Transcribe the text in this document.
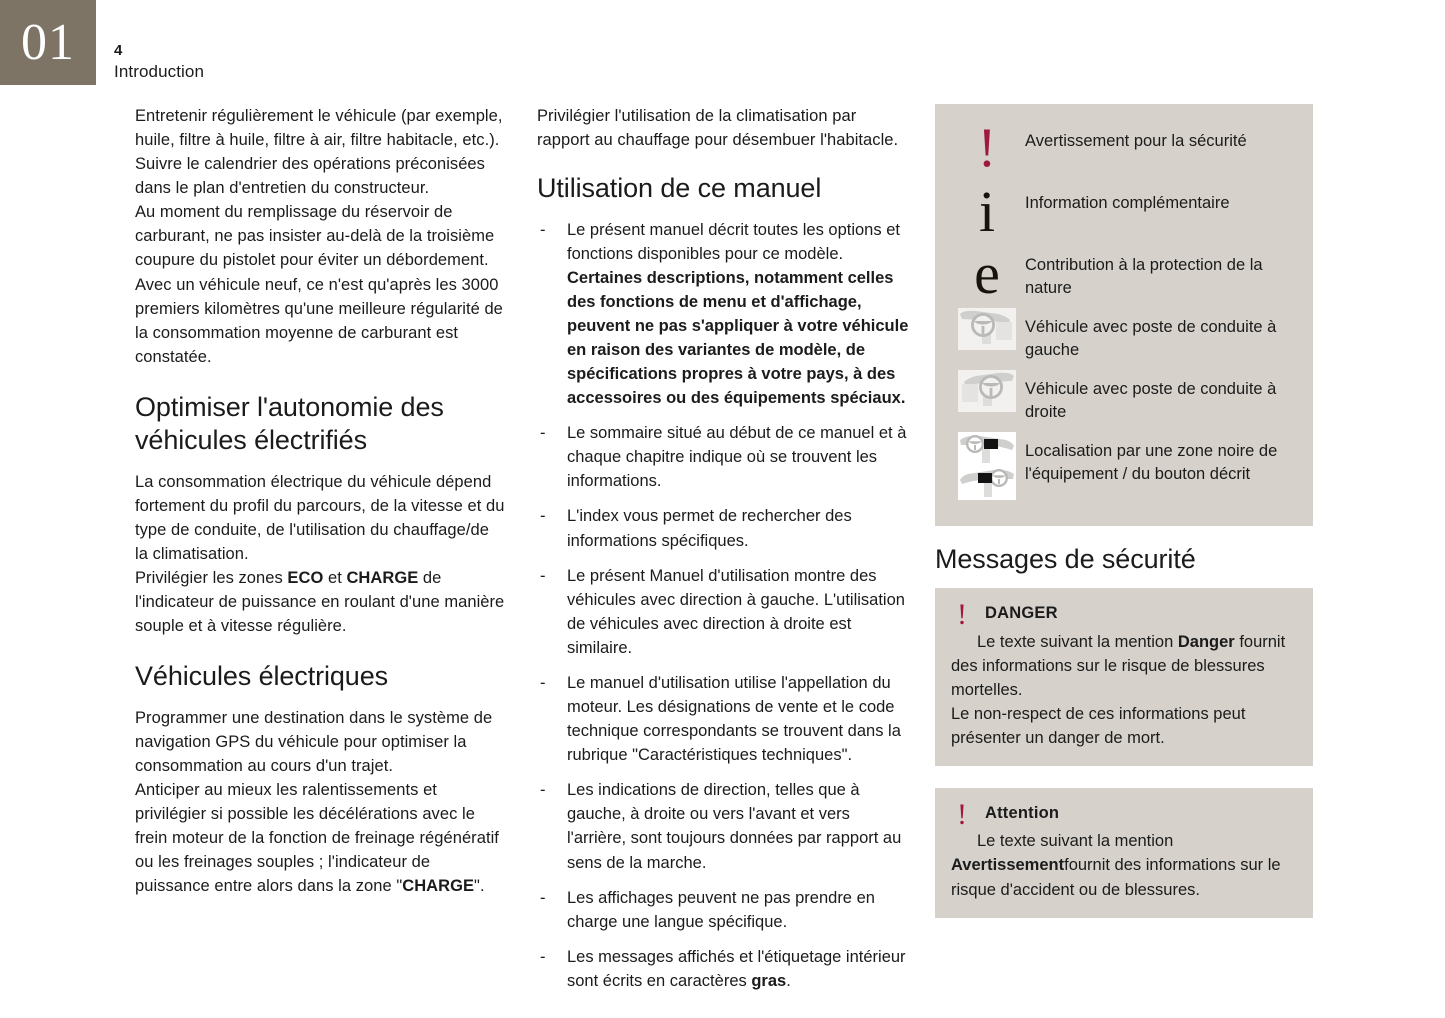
01	4
Introduction

Entretenir régulièrement le véhicule (par exemple, huile, filtre à huile, filtre à air, filtre habitacle, etc.). Suivre le calendrier des opérations préconisées dans le plan d'entretien du constructeur.

Au moment du remplissage du réservoir de carburant, ne pas insister au-delà de la troisième coupure du pistolet pour éviter un débordement.

Avec un véhicule neuf, ce n'est qu'après les 3000 premiers kilomètres qu'une meilleure régularité de la consommation moyenne de carburant est constatée.

Optimiser l'autonomie des véhicules électrifiés

La consommation électrique du véhicule dépend fortement du profil du parcours, de la vitesse et du type de conduite, de l'utilisation du chauffage/de la climatisation.

Privilégier les zones ECO et CHARGE de l'indicateur de puissance en roulant d'une manière souple et à vitesse régulière.

Véhicules électriques

Programmer une destination dans le système de navigation GPS du véhicule pour optimiser la consommation au cours d'un trajet.

Anticiper au mieux les ralentissements et privilégier si possible les décélérations avec le frein moteur de la fonction de freinage régénératif ou les freinages souples ; l'indicateur de puissance entre alors dans la zone "CHARGE".

Privilégier l'utilisation de la climatisation par rapport au chauffage pour désembuer l'habitacle.

Utilisation de ce manuel
- Le présent manuel décrit toutes les options et fonctions disponibles pour ce modèle. Certaines descriptions, notamment celles des fonctions de menu et d'affichage, peuvent ne pas s'appliquer à votre véhicule en raison des variantes de modèle, de spécifications propres à votre pays, à des accessoires ou des équipements spéciaux.
- Le sommaire situé au début de ce manuel et à chaque chapitre indique où se trouvent les informations.
- L'index vous permet de rechercher des informations spécifiques.
- Le présent Manuel d'utilisation montre des véhicules avec direction à gauche. L'utilisation de véhicules avec direction à droite est similaire.
- Le manuel d'utilisation utilise l'appellation du moteur. Les désignations de vente et le code technique correspondants se trouvent dans la rubrique "Caractéristiques techniques".
- Les indications de direction, telles que à gauche, à droite ou vers l'avant et vers l'arrière, sont toujours données par rapport au sens de la marche.
- Les affichages peuvent ne pas prendre en charge une langue spécifique.
- Les messages affichés et l'étiquetage intérieur sont écrits en caractères gras.
! Avertissement pour la sécurité
i Information complémentaire
e Contribution à la protection de la nature
Véhicule avec poste de conduite à gauche
Véhicule avec poste de conduite à droite
Localisation par une zone noire de l'équipement / du bouton décrit
Messages de sécurité
!	DANGER

Le texte suivant la mention Danger fournit des informations sur le risque de blessures mortelles.
Le non-respect de ces informations peut présenter un danger de mort.

!	Attention

Le texte suivant la mention Avertissementfournit des informations sur le risque d'accident ou de blessures.
